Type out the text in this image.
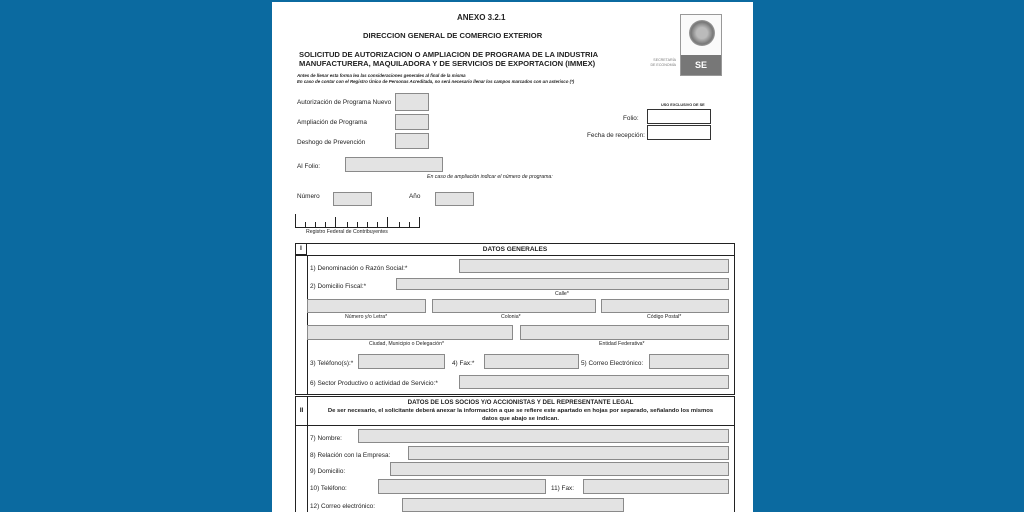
ANEXO 3.2.1
DIRECCION GENERAL DE COMERCIO EXTERIOR
SOLICITUD DE AUTORIZACION O AMPLIACION DE PROGRAMA DE LA INDUSTRIA
MANUFACTURERA, MAQUILADORA Y DE SERVICIOS DE EXPORTACION (IMMEX)
Antes de llenar esta forma lea las consideraciones generales al final de la misma
En caso de contar con el Registro Único de Personas Acreditada, no será necesario llenar los campos marcados con un asterisco (*)
SECRETARÍA
DE ECONOMÍA	SE
Autorización de Programa Nuevo
Ampliación de Programa
Deshogo de Prevención
Al Folio:
En caso de ampliación indicar el número de programa:
Número	Año
Registro Federal de Contribuyentes
USO EXCLUSIVO DE SE
Folio:
Fecha de recepción:
I	DATOS GENERALES
1) Denominación o Razón Social:*
2) Domicilio Fiscal:*
Calle*
Número y/o Letra*	Colonia*	Código Postal*
Ciudad, Municipio o Delegación*	Entidad Federativa*
3) Teléfono(s):*	4) Fax:*	5) Correo Electrónico:
6) Sector Productivo o actividad de Servicio:*
II
DATOS DE LOS SOCIOS Y/O ACCIONISTAS Y DEL REPRESENTANTE LEGAL
De ser necesario, el solicitante deberá anexar la información a que se refiere este apartado en hojas por separado, señalando los mismos
datos que abajo se indican.
7) Nombre:
8) Relación con la Empresa:
9) Domicilio:
10) Teléfono:	11) Fax:
12) Correo electrónico:
